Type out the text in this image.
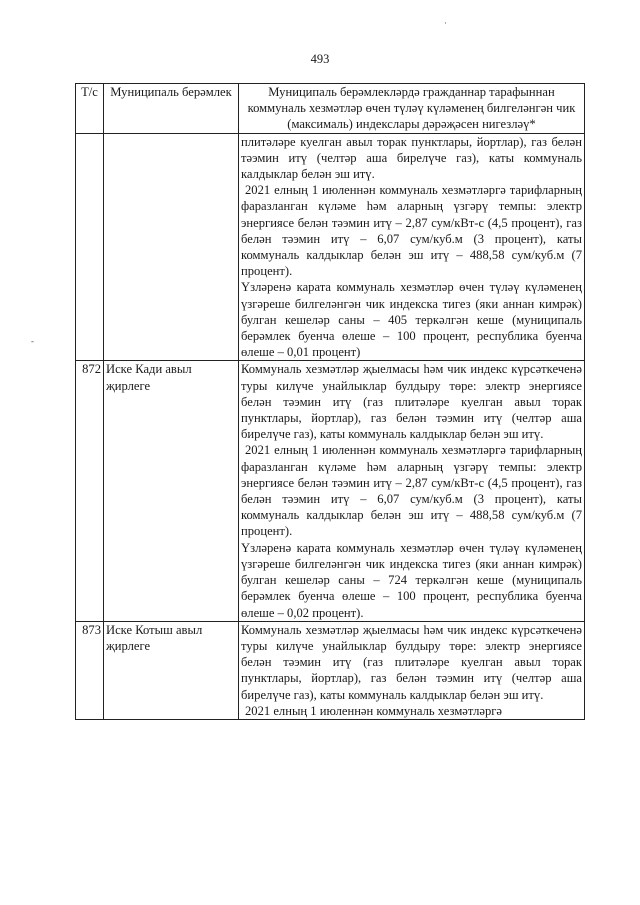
493
‑
·
Т/с	Муниципаль берәмлек	Муниципаль берәмлекләрдә гражданнар тарафыннан коммуналь хезмәтләр өчен түләү күләменең билгеләнгән чик (максималь) индекслары дәрәҗәсен нигезләү*

		плитәләре куелган авыл торак пунктлары, йортлар), газ белән тәэмин итү (челтәр аша бирелүче газ), каты коммуналь калдыклар белән эш итү.
2021 елның 1 июленнән коммуналь хезмәтләргә тарифларның фаразланган күләме һәм аларның үзгәрү темпы: электр энергиясе белән тәэмин итү – 2,87 сум/кВт-с (4,5 процент), газ белән тәэмин итү – 6,07 сум/куб.м (3 процент), каты коммуналь калдыклар белән эш итү – 488,58 сум/куб.м (7 процент).
Үзләренә карата коммуналь хезмәтләр өчен түләү күләменең үзгәреше билгеләнгән чик индекска тигез (яки аннан кимрәк) булган кешеләр саны – 405 теркәлгән кеше (муниципаль берәмлек буенча өлеше – 100 процент, республика буенча өлеше – 0,01 процент)

872	Иске Кади авыл җирлеге	Коммуналь хезмәтләр җыелмасы һәм чик индекс күрсәткеченә туры килүче унайлыклар булдыру төре: электр энергиясе белән тәэмин итү (газ плитәләре куелган авыл торак пунктлары, йортлар), газ белән тәэмин итү (челтәр аша бирелүче газ), каты коммуналь калдыклар белән эш итү.
2021 елның 1 июленнән коммуналь хезмәтләргә тарифларның фаразланган күләме һәм аларның үзгәрү темпы: электр энергиясе белән тәэмин итү – 2,87 сум/кВт-с (4,5 процент), газ белән тәэмин итү – 6,07 сум/куб.м (3 процент), каты коммуналь калдыклар белән эш итү – 488,58 сум/куб.м (7 процент).
Үзләренә карата коммуналь хезмәтләр өчен түләү күләменең үзгәреше билгеләнгән чик индекска тигез (яки аннан кимрәк) булган кешеләр саны – 724 теркәлгән кеше (муниципаль берәмлек буенча өлеше – 100 процент, республика буенча өлеше – 0,02 процент).

873	Иске Котыш авыл җирлеге	Коммуналь хезмәтләр җыелмасы һәм чик индекс күрсәткеченә туры килүче унайлыклар булдыру төре: электр энергиясе белән тәэмин итү (газ плитәләре куелган авыл торак пунктлары, йортлар), газ белән тәэмин итү (челтәр аша бирелүче газ), каты коммуналь калдыклар белән эш итү.
2021 елның 1 июленнән коммуналь хезмәтләргә
